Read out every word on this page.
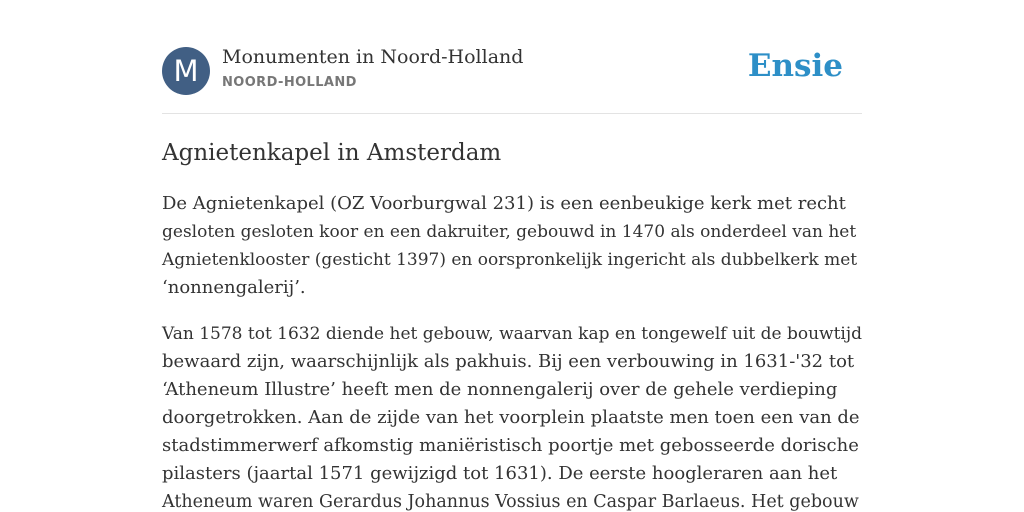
M	Monumenten in Noord-Holland
NOORD-HOLLAND	Ensie
Agnietenkapel in Amsterdam

De Agnietenkapel (OZ Voorburgwal 231) is een eenbeukige kerk met recht
gesloten gesloten koor en een dakruiter, gebouwd in 1470 als onderdeel van het
Agnietenklooster (gesticht 1397) en oorspronkelijk ingericht als dubbelkerk met
‘nonnengalerij’.

Van 1578 tot 1632 diende het gebouw, waarvan kap en tongewelf uit de bouwtijd
bewaard zijn, waarschijnlijk als pakhuis. Bij een verbouwing in 1631-'32 tot
‘Atheneum Illustre’ heeft men de nonnengalerij over de gehele verdieping
doorgetrokken. Aan de zijde van het voorplein plaatste men toen een van de
stadstimmerwerf afkomstig maniëristisch poortje met gebosseerde dorische
pilasters (jaartal 1571 gewijzigd tot 1631). De eerste hoogleraren aan het
Atheneum waren Gerardus Johannus Vossius en Caspar Barlaeus. Het gebouw
